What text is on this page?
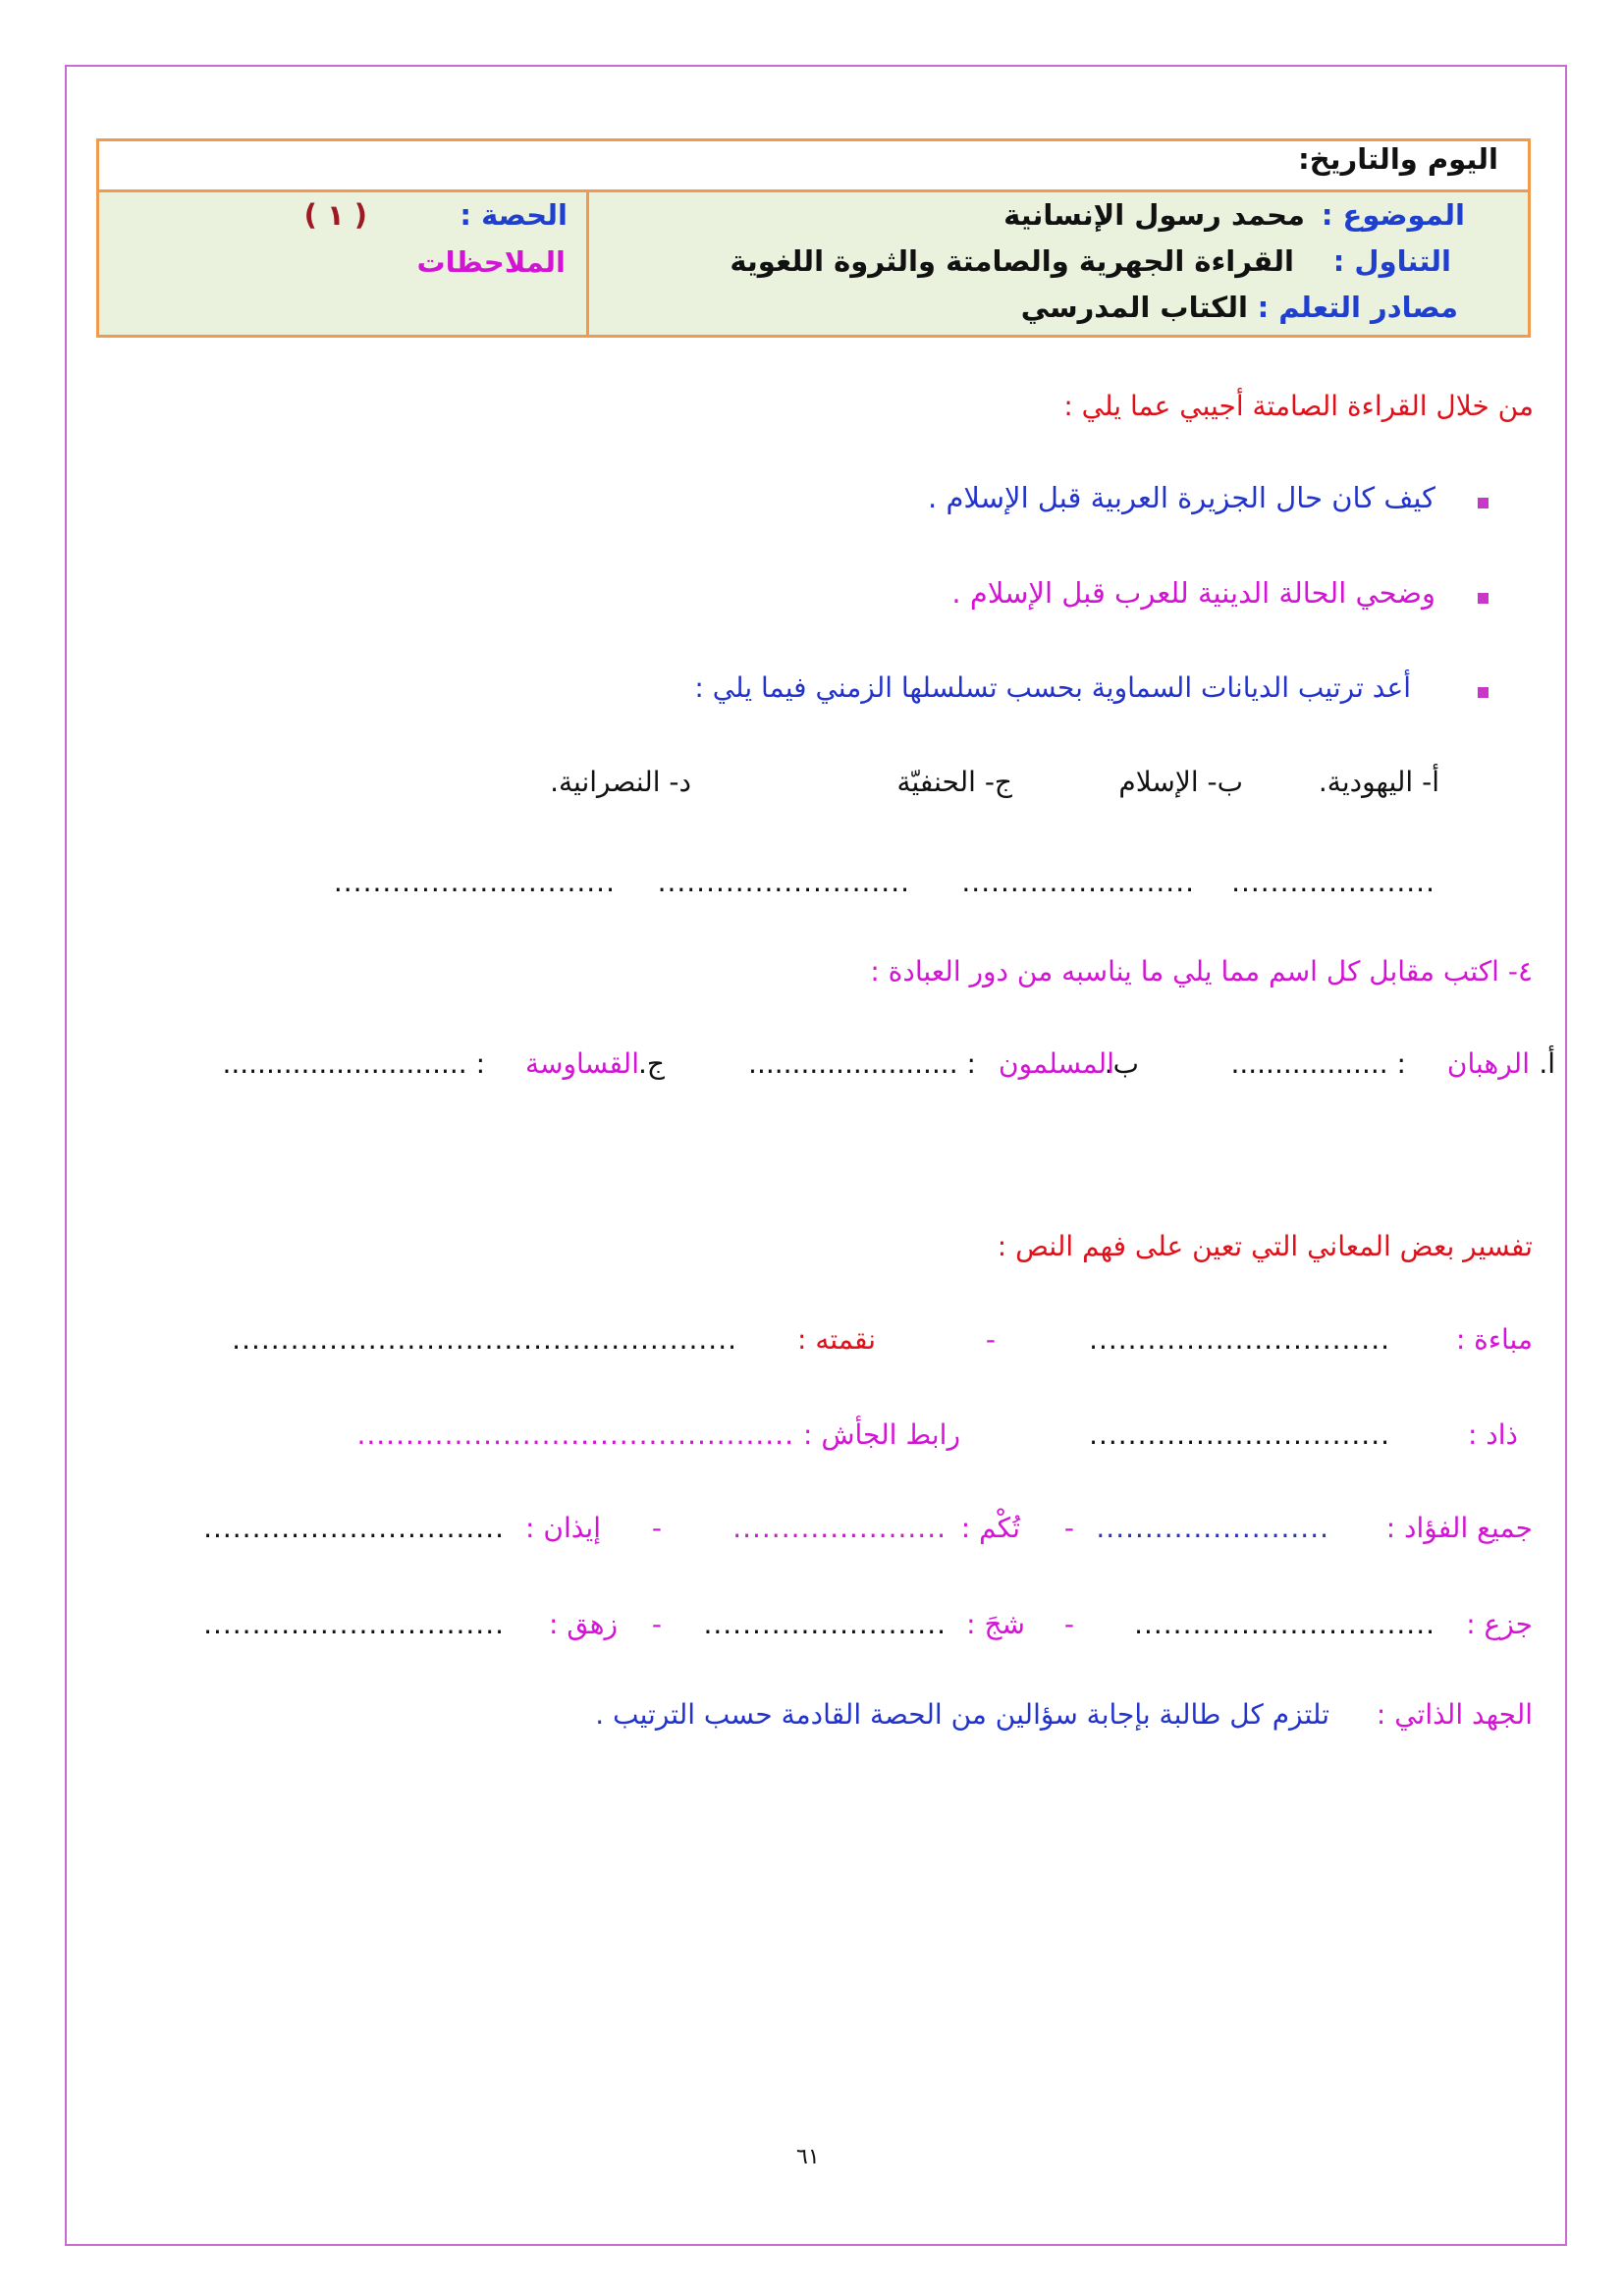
اليوم والتاريخ:
الموضوع :
محمد رسول الإنسانية
التناول :
القراءة الجهرية والصامتة والثروة اللغوية
مصادر التعلم :
الكتاب المدرسي
الحصة :
( ١ )
الملاحظات
من خلال القراءة الصامتة أجيبي عما يلي :
كيف كان حال الجزيرة العربية قبل الإسلام .
وضحي الحالة الدينية للعرب قبل الإسلام .
أعد ترتيب الديانات السماوية بحسب تسلسلها الزمني فيما يلي :
أ- اليهودية.
ب- الإسلام
ج- الحنفيّة
د- النصرانية.
.....................
........................
..........................
.............................
٤- اكتب مقابل كل اسم مما يلي ما يناسبه من دور العبادة :
أ.
الرهبان
: ..................
ب.
المسلمون
: ........................
ج.
القساوسة
: ............................
تفسير بعض المعاني التي تعين على فهم النص :
مباءة :
...............................
-
نقمته :
....................................................
ذاد :
...............................
رابط الجأش :
.............................................
جميع الفؤاد :
........................
-
تُكْم :
......................
-
إيذان :
...............................
جزع :
...............................
-
شجَ :
.........................
-
زهق :
...............................
الجهد الذاتي :
تلتزم كل طالبة بإجابة سؤالين من الحصة القادمة حسب الترتيب .
٦١
